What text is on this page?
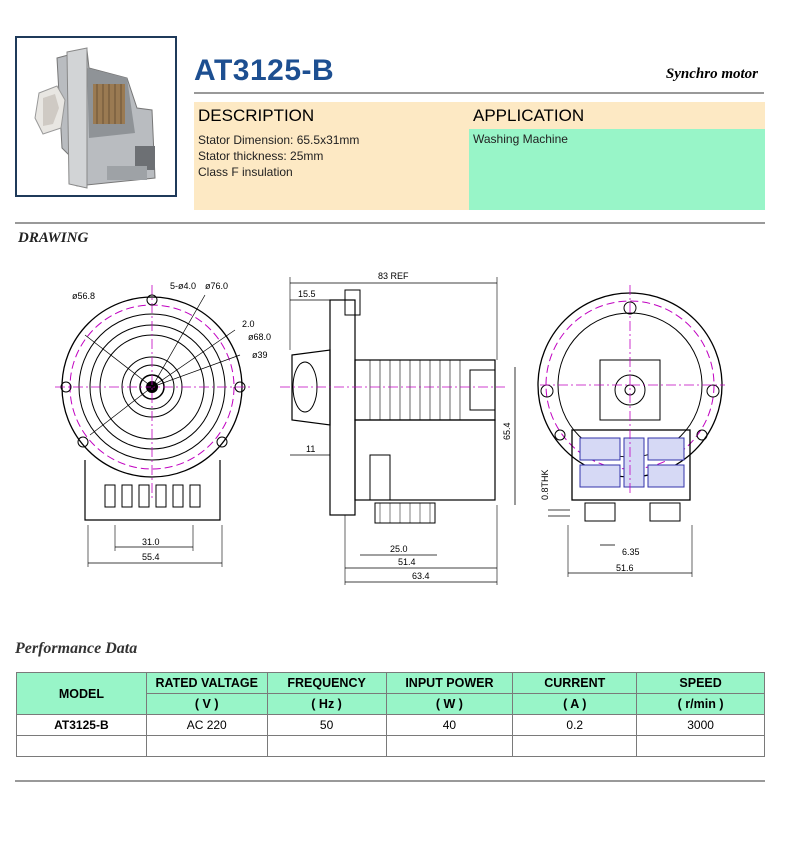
AT3125-B	Synchro motor
DESCRIPTION	APPLICATION
Stator Dimension: 65.5x31mm
Stator thickness: 25mm
Class F insulation
Washing Machine
DRAWING
ø56.8
5-ø4.0 ø76.0
2.0
ø68.0
ø39
31.0
55.4
83 REF
15.5
11
65.4
25.0
51.4
63.4
0.8THK
6.35
51.6
Performance Data
MODEL	RATED VALTAGE	FREQUENCY	INPUT POWER	CURRENT	SPEED
	( V )	( Hz )	( W )	( A )	( r/min )
AT3125-B	AC 220	50	40	0.2	3000
